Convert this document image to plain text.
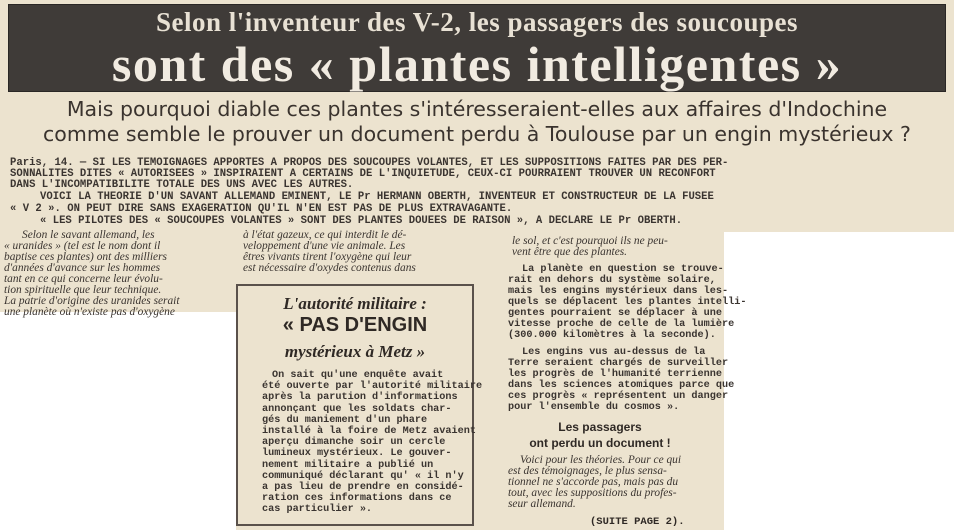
Selon l'inventeur des V-2, les passagers des soucoupes
sont des « plantes intelligentes »
Mais pourquoi diable ces plantes s'intéresseraient-elles aux affaires d'Indochine
comme semble le prouver un document perdu à Toulouse par un engin mystérieux ?
Paris, 14. — SI LES TEMOIGNAGES APPORTES A PROPOS DES SOUCOUPES VOLANTES, ET LES SUPPOSITIONS FAITES PAR DES PER-
SONNALITES DITES « AUTORISEES » INSPIRAIENT A CERTAINS DE L'INQUIETUDE, CEUX-CI POURRAIENT TROUVER UN RECONFORT
DANS L'INCOMPATIBILITE TOTALE DES UNS AVEC LES AUTRES.
VOICI LA THEORIE D'UN SAVANT ALLEMAND EMINENT, LE Pr HERMANN OBERTH, INVENTEUR ET CONSTRUCTEUR DE LA FUSEE
« V 2 ». ON PEUT DIRE SANS EXAGERATION QU'IL N'EN EST PAS DE PLUS EXTRAVAGANTE.
« LES PILOTES DES « SOUCOUPES VOLANTES » SONT DES PLANTES DOUEES DE RAISON », A DECLARE LE Pr OBERTH.
Selon le savant allemand, les
« uranides » (tel est le nom dont il
baptise ces plantes) ont des milliers
d'années d'avance sur les hommes
tant en ce qui concerne leur évolu-
tion spirituelle que leur technique.
La patrie d'origine des uranides serait
une planète où n'existe pas d'oxygène
à l'état gazeux, ce qui interdit le dé-
veloppement d'une vie animale. Les
êtres vivants tirent l'oxygène qui leur
est nécessaire d'oxydes contenus dans
le sol, et c'est pourquoi ils ne peu-
vent être que des plantes.
La planète en question se trouve-
rait en dehors du système solaire,
mais les engins mystérieux dans les-
quels se déplacent les plantes intelli-
gentes pourraient se déplacer à une
vitesse proche de celle de la lumière
(300.000 kilomètres à la seconde).
Les engins vus au-dessus de la
Terre seraient chargés de surveiller
les progrès de l'humanité terrienne
dans les sciences atomiques parce que
ces progrès « représentent un danger
pour l'ensemble du cosmos ».
Les passagers
ont perdu un document !
Voici pour les théories. Pour ce qui
est des témoignages, le plus sensa-
tionnel ne s'accorde pas, mais pas du
tout, avec les suppositions du profes-
seur allemand.
(SUITE PAGE 2).
L'autorité militaire :
« PAS D'ENGIN
mystérieux à Metz »
On sait qu'une enquête avait
été ouverte par l'autorité militaire
après la parution d'informations
annonçant que les soldats char-
gés du maniement d'un phare
installé à la foire de Metz avaient
aperçu dimanche soir un cercle
lumineux mystérieux. Le gouver-
nement militaire a publié un
communiqué déclarant qu' « il n'y
a pas lieu de prendre en considé-
ration ces informations dans ce
cas particulier ».
